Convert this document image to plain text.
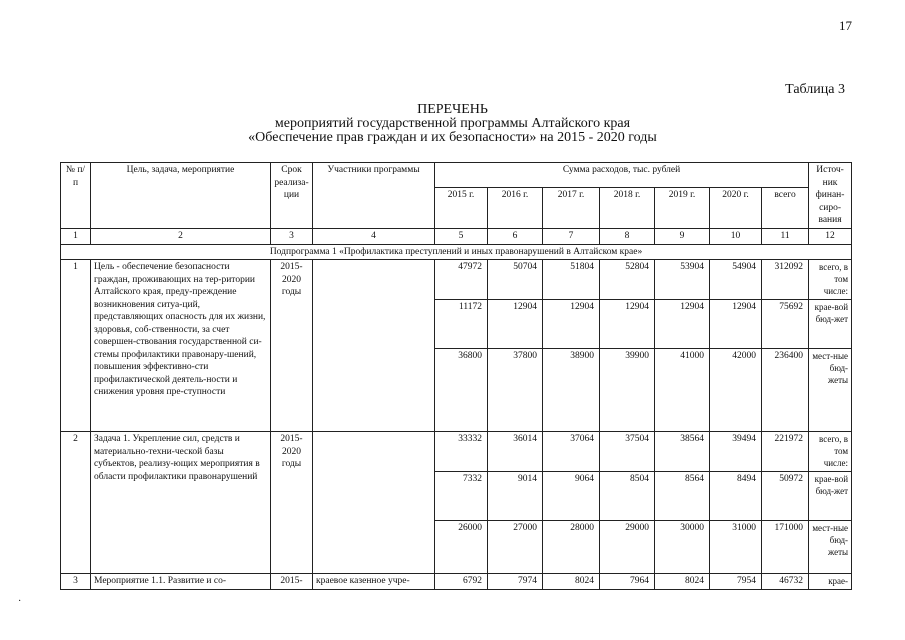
17
Таблица 3
ПЕРЕЧЕНЬ
мероприятий государственной программы Алтайского края
«Обеспечение прав граждан и их безопасности» на 2015 - 2020 годы
№ п/п	Цель, задача, мероприятие	Срок реализа-ции	Участники программы	Сумма расходов, тыс. рублей							Источ-ник финан-сиро-вания
				2015 г.	2016 г.	2017 г.	2018 г.	2019 г.	2020 г.	всего	
1	2	3	4	5	6	7	8	9	10	11	12
Подпрограмма 1 «Профилактика преступлений и иных правонарушений в Алтайском крае»											
1	Цель - обеспечение безопасности граждан, проживающих на тер-ритории Алтайского края, преду-преждение возникновения ситуа-ций, представляющих опасность для их жизни, здоровья, соб-ственности, за счет совершен-ствования государственной си-стемы профилактики правонару-шений, повышения эффективно-сти профилактической деятель-ности и снижения уровня пре-ступности	2015-2020 годы		47972	50704	51804	52804	53904	54904	312092	всего, в том числе:
				11172	12904	12904	12904	12904	12904	75692	крае-вой бюд-жет
				36800	37800	38900	39900	41000	42000	236400	мест-ные бюд-жеты
2	Задача 1. Укрепление сил, средств и материально-техни-ческой базы субъектов, реализу-ющих мероприятия в области профилактики правонарушений	2015-2020 годы		33332	36014	37064	37504	38564	39494	221972	всего, в том числе:
				7332	9014	9064	8504	8564	8494	50972	крае-вой бюд-жет
				26000	27000	28000	29000	30000	31000	171000	мест-ные бюд-жеты
3	Мероприятие 1.1. Развитие и со-	2015-	краевое казенное учре-	6792	7974	8024	7964	8024	7954	46732	крае-
·
